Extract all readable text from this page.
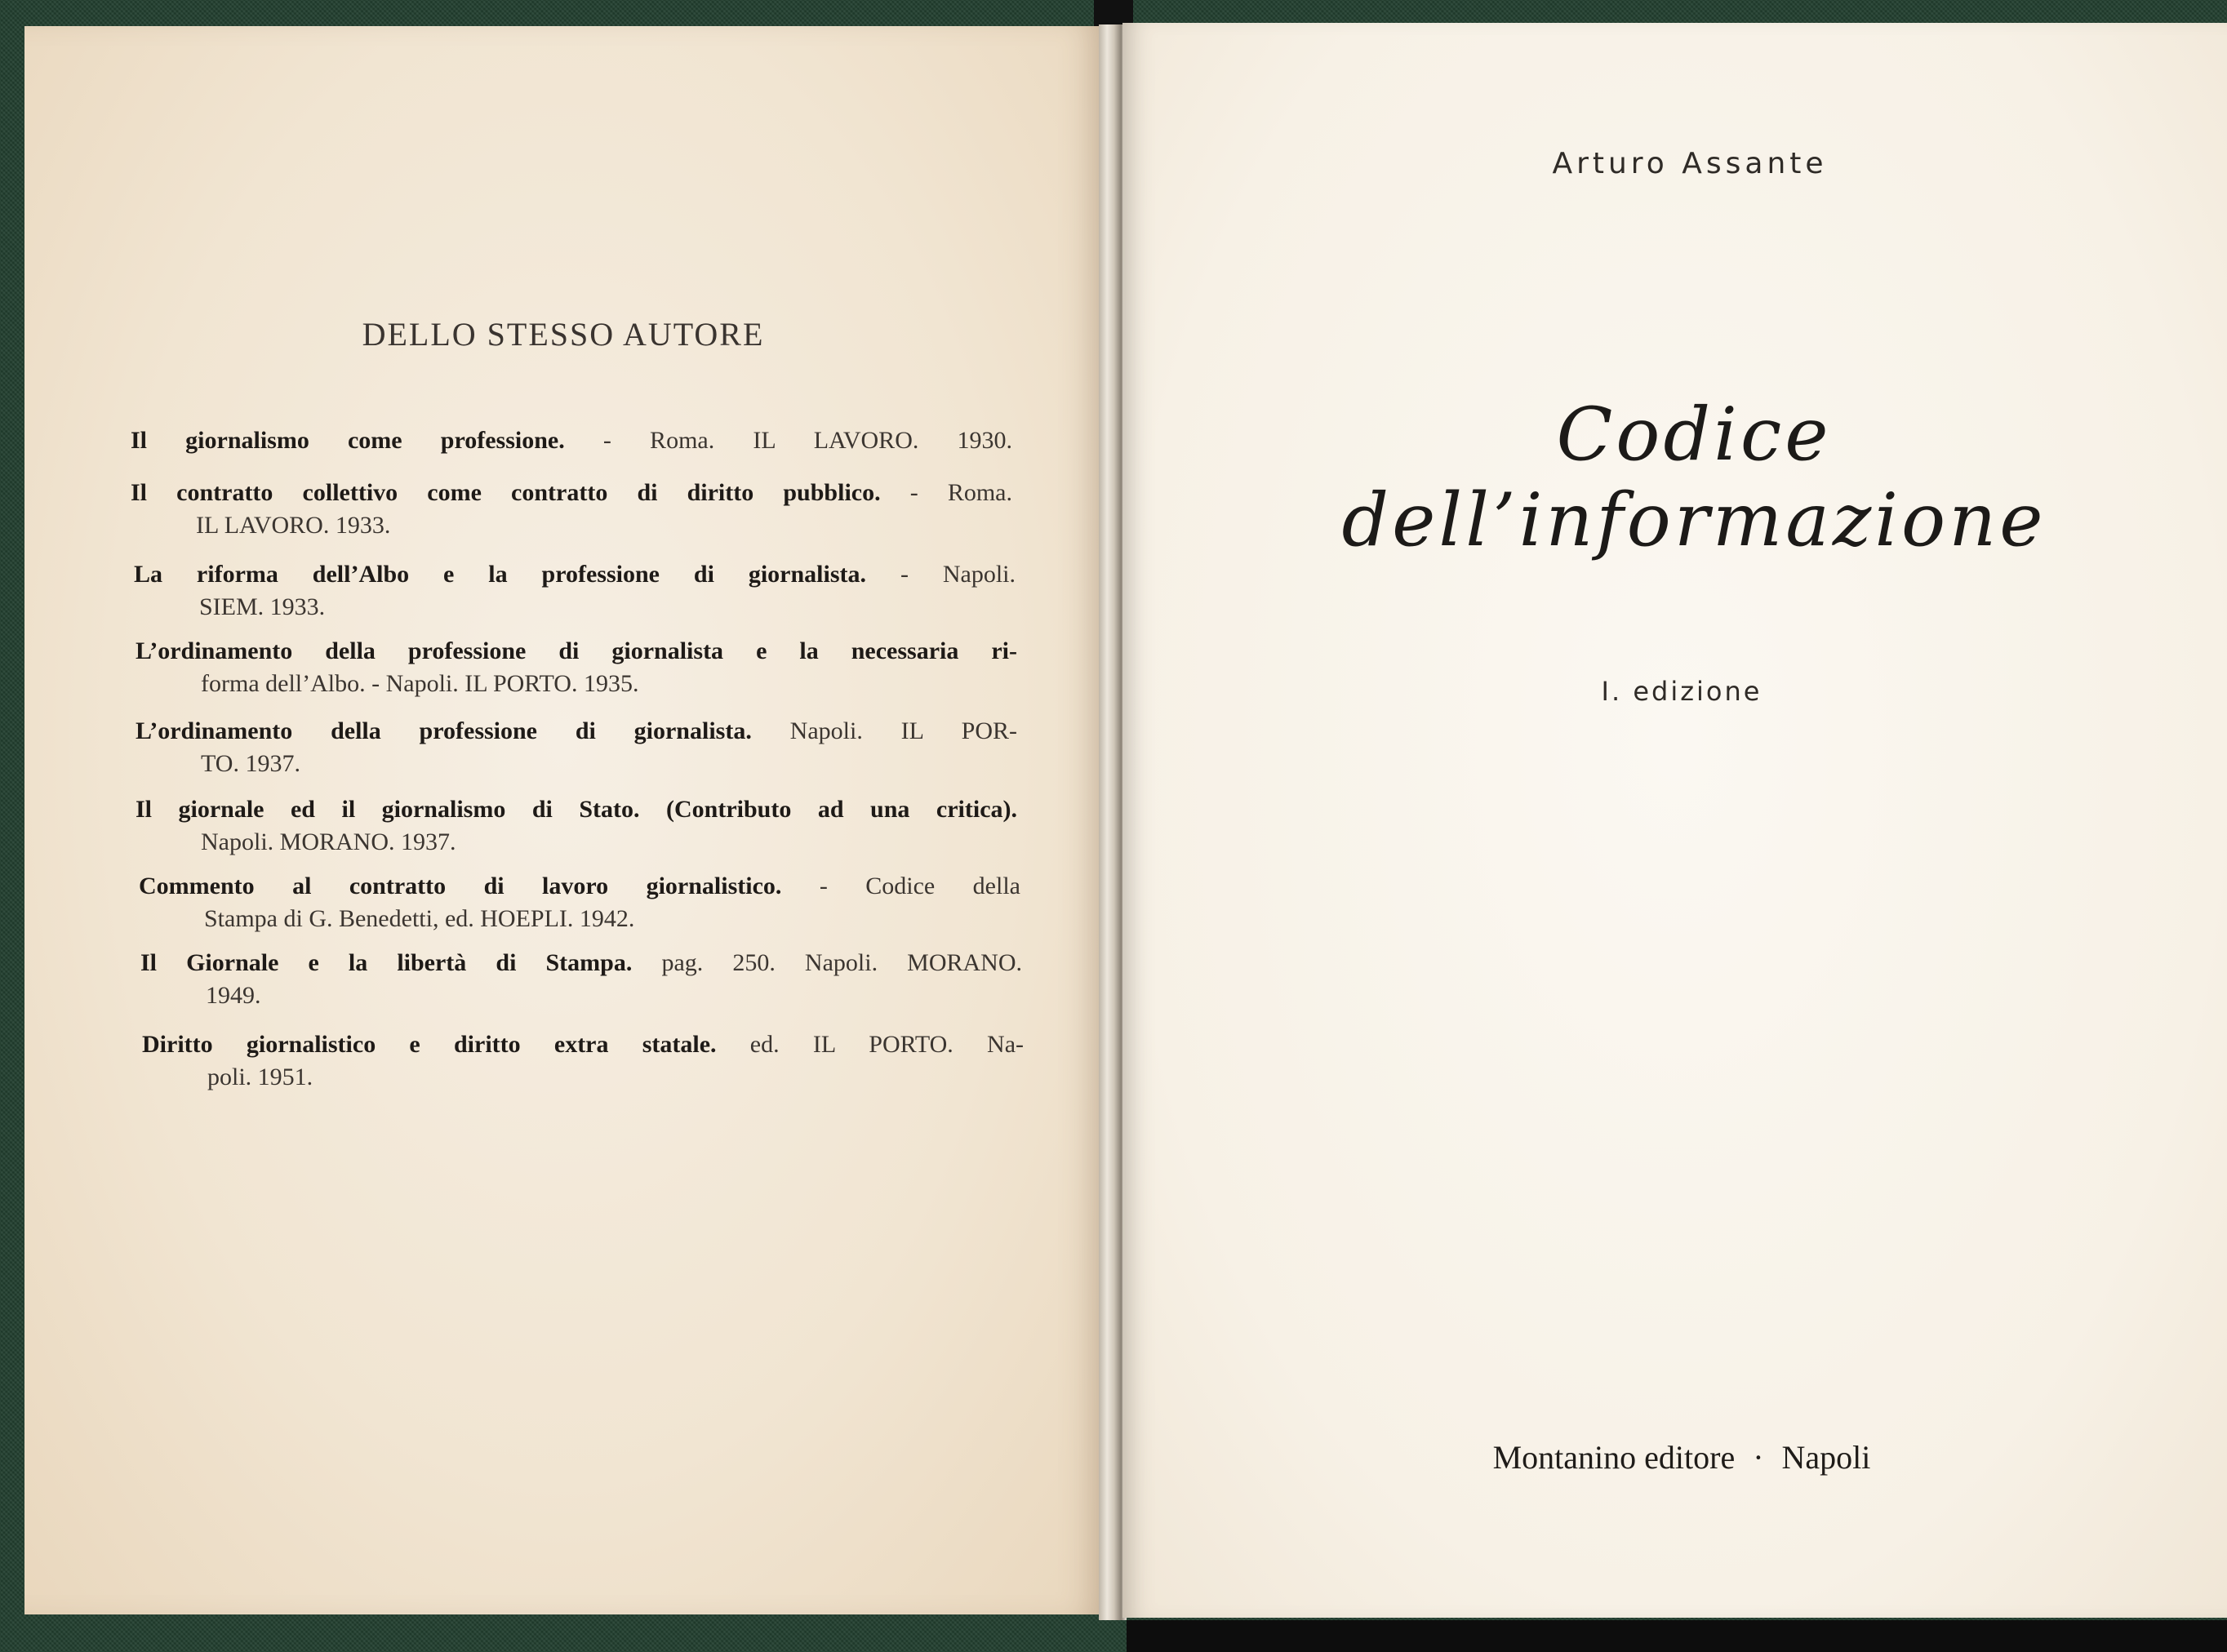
DELLO STESSO AUTORE
Il giornalismo come professione. - Roma. IL LAVORO. 1930.
Il contratto collettivo come contratto di diritto pubblico. - Roma.
IL LAVORO. 1933.
La riforma dell’Albo e la professione di giornalista. - Napoli.
SIEM. 1933.
L’ordinamento della professione di giornalista e la necessaria ri-
forma dell’Albo. - Napoli. IL PORTO. 1935.
L’ordinamento della professione di giornalista. Napoli. IL POR-
TO. 1937.
Il giornale ed il giornalismo di Stato. (Contributo ad una critica).
Napoli. MORANO. 1937.
Commento al contratto di lavoro giornalistico. - Codice della
Stampa di G. Benedetti, ed. HOEPLI. 1942.
Il Giornale e la libertà di Stampa. pag. 250. Napoli. MORANO.
1949.
Diritto giornalistico e diritto extra statale. ed. IL PORTO. Na-
poli. 1951.
Arturo Assante
Codice dell’informazione
I. edizione
Montanino editore · Napoli
